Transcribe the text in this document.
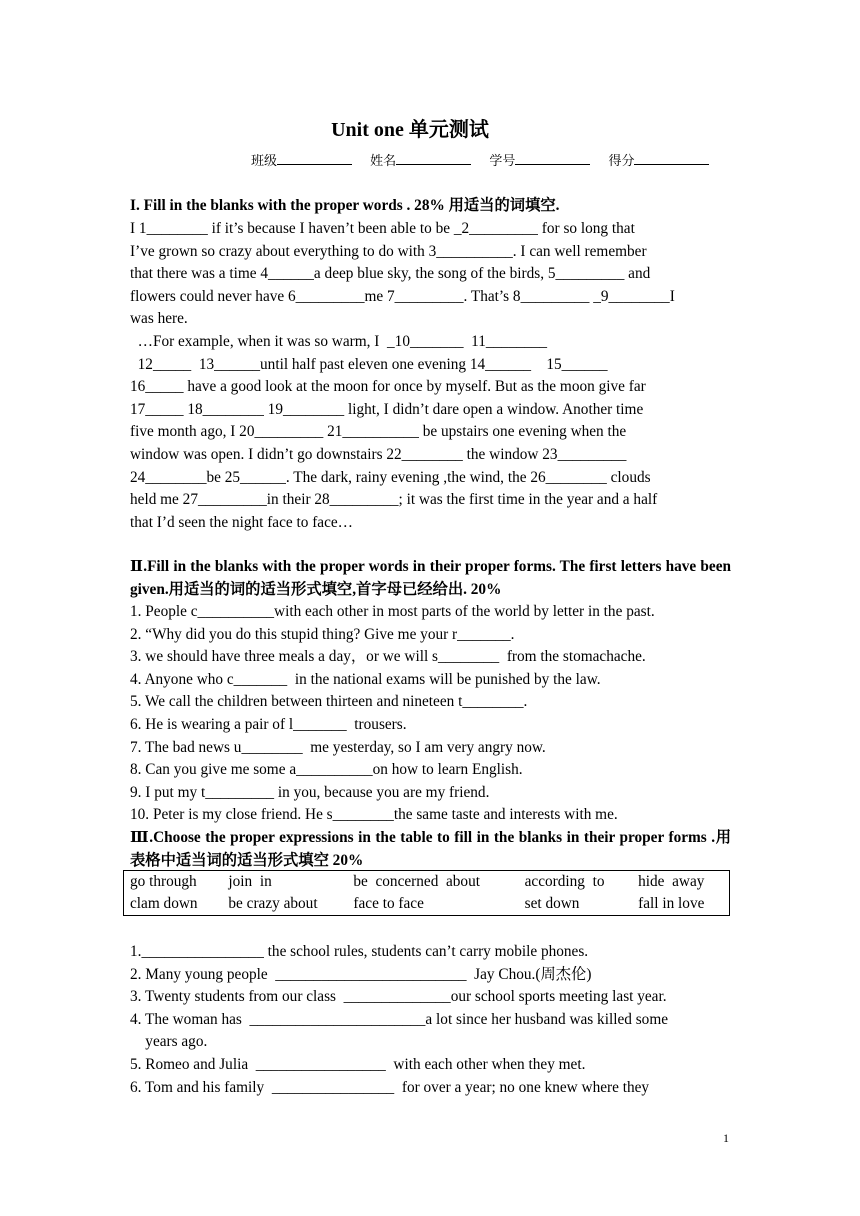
Unit one 单元测试
班级	姓名	学号	得分
I. Fill in the blanks with the proper words . 28% 用适当的词填空.
I 1________ if it’s because I haven’t been able to be _2_________ for so long that
I’ve grown so crazy about everything to do with 3__________. I can well remember
that there was a time 4______a deep blue sky, the song of the birds, 5_________ and
flowers could never have 6_________me 7_________. That’s 8_________ _9________I
was here.
…For example, when it was so warm, I  _10_______  11________
12_____  13______until half past eleven one evening 14______    15______
16_____ have a good look at the moon for once by myself. But as the moon give far
17_____ 18________ 19________ light, I didn’t dare open a window. Another time
five month ago, I 20_________ 21__________ be upstairs one evening when the
window was open. I didn’t go downstairs 22________ the window 23_________
24________be 25______. The dark, rainy evening ,the wind, the 26________ clouds
held me 27_________in their 28_________; it was the first time in the year and a half
that I’d seen the night face to face…
Ⅱ.Fill in the blanks with the proper words in their proper forms. The first letters have been given.用适当的词的适当形式填空,首字母已经给出. 20%
1. People c__________with each other in most parts of the world by letter in the past.
2. “Why did you do this stupid thing? Give me your r_______.
3. we should have three meals a day，or we will s________  from the stomachache.
4. Anyone who c_______  in the national exams will be punished by the law.
5. We call the children between thirteen and nineteen t________.
6. He is wearing a pair of l_______  trousers.
7. The bad news u________  me yesterday, so I am very angry now.
8. Can you give me some a__________on how to learn English.
9. I put my t_________ in you, because you are my friend.
10. Peter is my close friend. He s________the same taste and interests with me.
Ⅲ.Choose the proper expressions in the table to fill in the blanks in their proper forms .用表格中适当词的适当形式填空 20%
go through	join  in	be  concerned  about	according  to	hide  away
clam down	be crazy about	face to face	set down	fall in love
1.________________ the school rules, students can’t carry mobile phones.
2. Many young people  _________________________  Jay Chou.(周杰伦)
3. Twenty students from our class  ______________our school sports meeting last year.
4. The woman has  _______________________a lot since her husband was killed some
years ago.
5. Romeo and Julia  _________________  with each other when they met.
6. Tom and his family  ________________  for over a year; no one knew where they
1
